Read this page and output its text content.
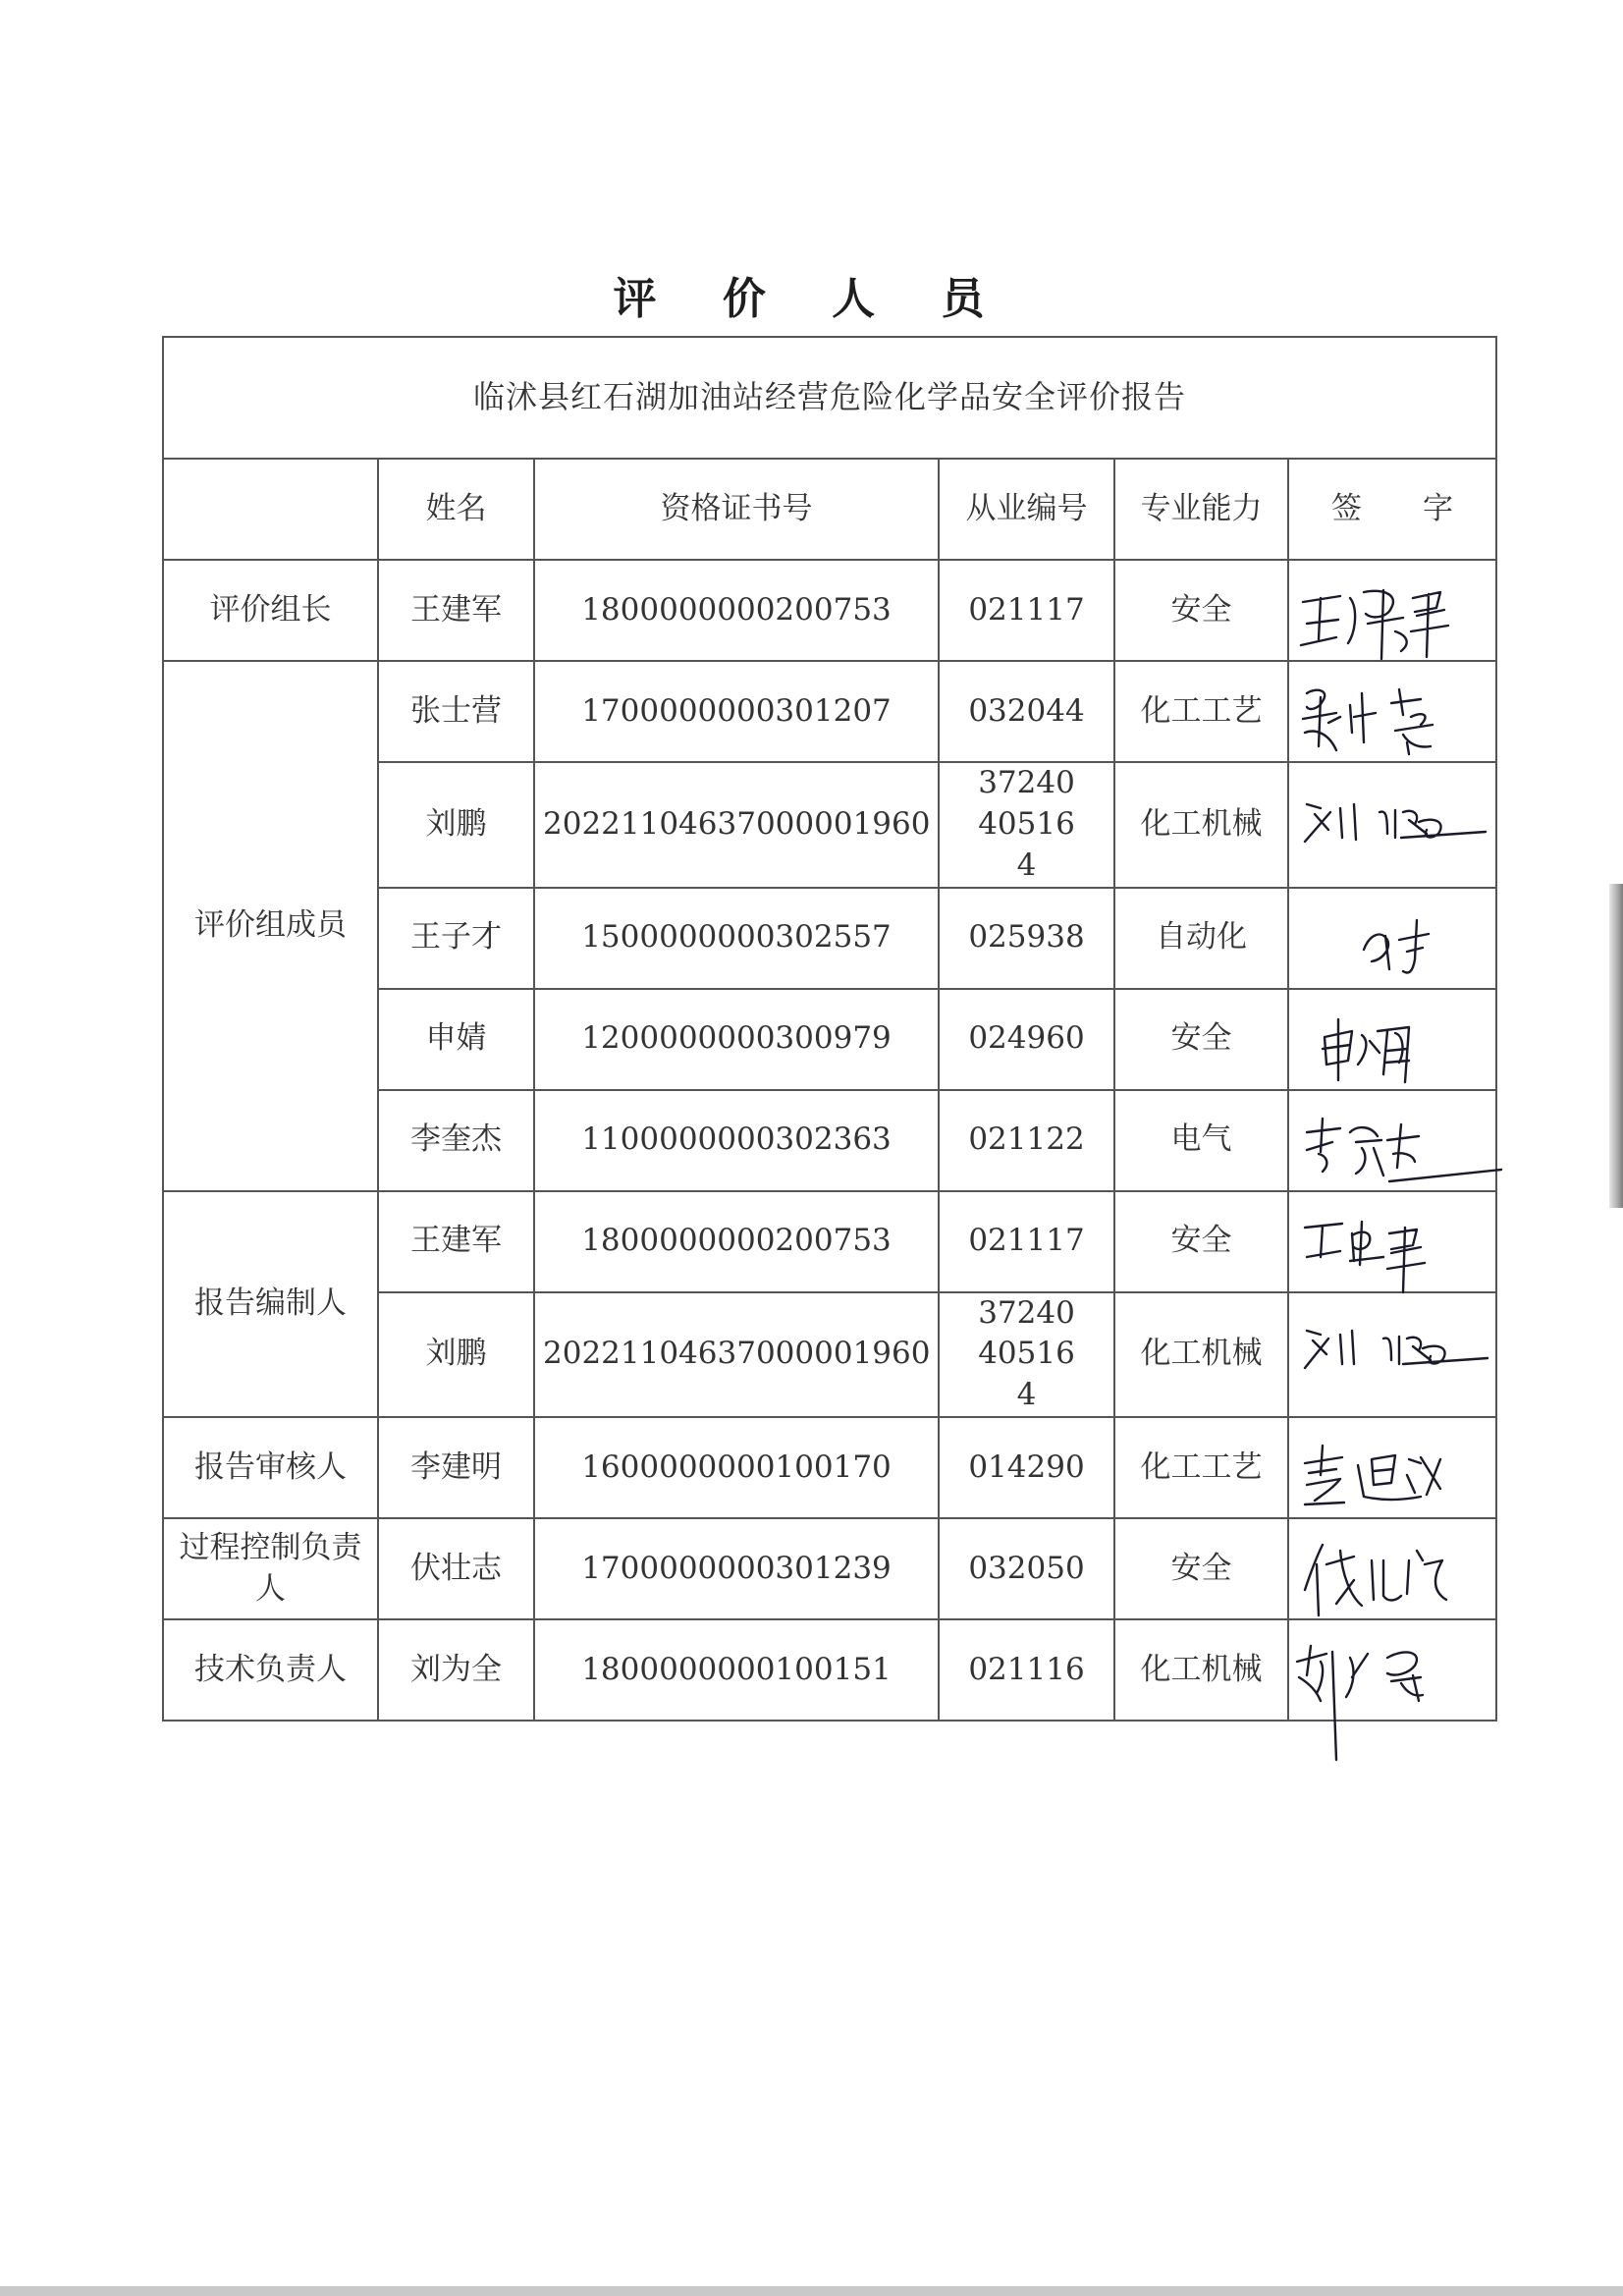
评 价 人 员
临沭县红石湖加油站经营危险化学品安全评价报告					
	姓名	资格证书号	从业编号	专业能力	签　　字
评价组长	王建军	1800000000200753	021117	安全	

评价组成员	张士营	1700000000301207	032044	化工工艺	

	刘鹏	20221104637000001960	37240405164	化工机械	

	王子才	1500000000302557	025938	自动化	

	申婧	1200000000300979	024960	安全	

	李奎杰	1100000000302363	021122	电气	

报告编制人	王建军	1800000000200753	021117	安全	

	刘鹏	20221104637000001960	37240405164	化工机械	

报告审核人	李建明	1600000000100170	014290	化工工艺	

过程控制负责人	伏壮志	1700000000301239	032050	安全	

技术负责人	刘为全	1800000000100151	021116	化工机械	
